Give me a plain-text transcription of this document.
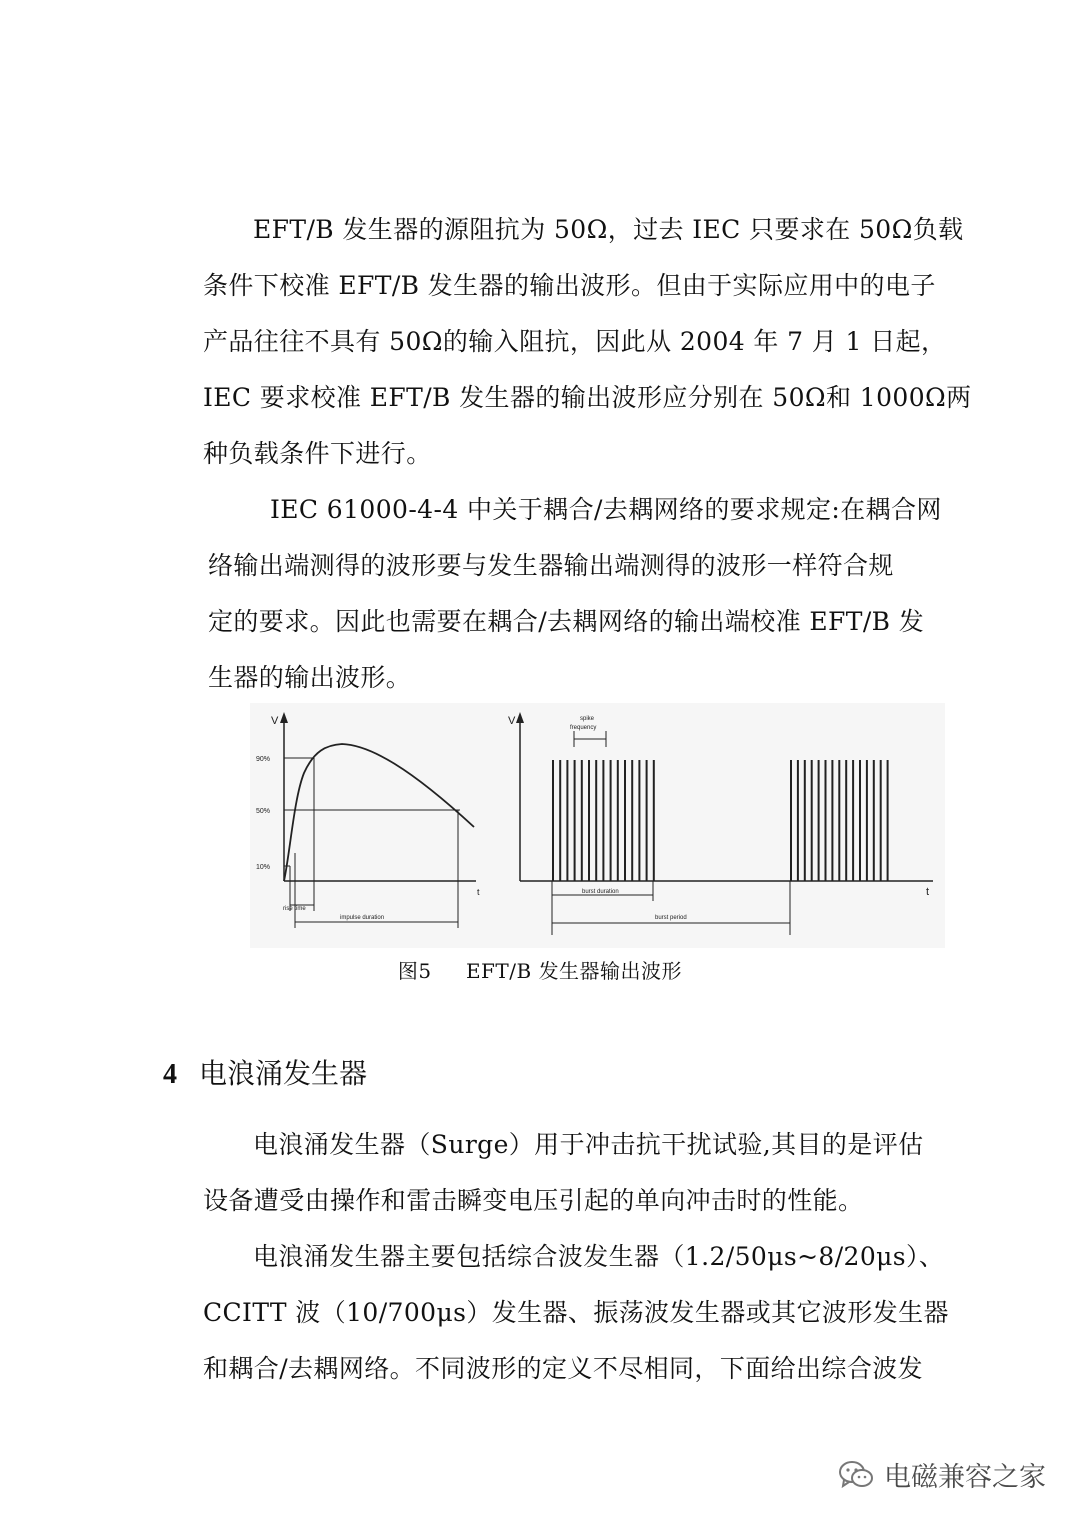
EFT/B 发生器的源阻抗为 50Ω，过去 IEC 只要求在 50Ω负载
条件下校准 EFT/B 发生器的输出波形。但由于实际应用中的电子
产品往往不具有 50Ω的输入阻抗，因此从 2004 年 7 月 1 日起，
IEC 要求校准 EFT/B 发生器的输出波形应分别在 50Ω和 1000Ω两
种负载条件下进行。
IEC 61000-4-4 中关于耦合/去耦网络的要求规定:在耦合网
络输出端测得的波形要与发生器输出端测得的波形一样符合规
定的要求。因此也需要在耦合/去耦网络的输出端校准 EFT/B 发
生器的输出波形。
V
t
90%
50%
10%
rise time
impulse duration
V
t
spike
frequency
burst duration
burst period
图5 EFT/B 发生器输出波形
4 电浪涌发生器
电浪涌发生器（Surge）用于冲击抗干扰试验,其目的是评估
设备遭受由操作和雷击瞬变电压引起的单向冲击时的性能。
电浪涌发生器主要包括综合波发生器（1.2/50μs~8/20μs）、
CCITT 波（10/700μs）发生器、振荡波发生器或其它波形发生器
和耦合/去耦网络。不同波形的定义不尽相同，下面给出综合波发
电磁兼容之家
